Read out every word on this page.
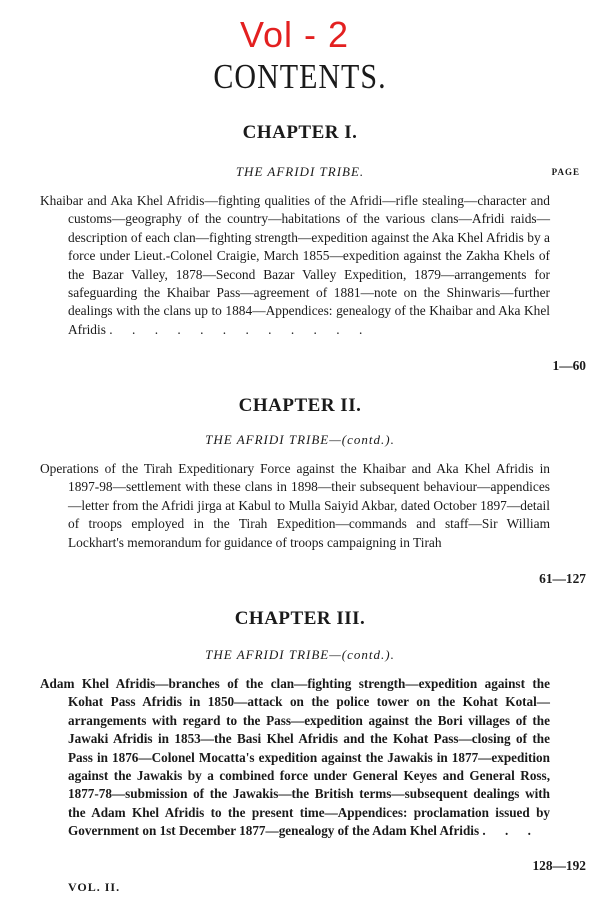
Vol - 2
CONTENTS.
CHAPTER I.
THE AFRIDI TRIBE.	PAGE
Khaibar and Aka Khel Afridis—fighting qualities of the Afridi—rifle stealing—character and customs—geography of the country—habitations of the various clans—Afridi raids—description of each clan—fighting strength—expedition against the Aka Khel Afridis by a force under Lieut.-Colonel Craigie, March 1855—expedition against the Zakha Khels of the Bazar Valley, 1878—Second Bazar Valley Expedition, 1879—arrangements for safeguarding the Khaibar Pass—agreement of 1881—note on the Shinwaris—further dealings with the clans up to 1884—Appendices: genealogy of the Khaibar and Aka Khel Afridis . . . . . . . . . . . .
1—60
CHAPTER II.
THE AFRIDI TRIBE—(contd.).
Operations of the Tirah Expeditionary Force against the Khaibar and Aka Khel Afridis in 1897-98—settlement with these clans in 1898—their subsequent behaviour—appendices—letter from the Afridi jirga at Kabul to Mulla Saiyid Akbar, dated October 1897—detail of troops employed in the Tirah Expedition—commands and staff—Sir William Lockhart's memorandum for guidance of troops campaigning in Tirah
61—127
CHAPTER III.
THE AFRIDI TRIBE—(contd.).
Adam Khel Afridis—branches of the clan—fighting strength—expedition against the Kohat Pass Afridis in 1850—attack on the police tower on the Kohat Kotal—arrangements with regard to the Pass—expedition against the Bori villages of the Jawaki Afridis in 1853—the Basi Khel Afridis and the Kohat Pass—closing of the Pass in 1876—Colonel Mocatta's expedition against the Jawakis in 1877—expedition against the Jawakis by a combined force under General Keyes and General Ross, 1877-78—submission of the Jawakis—the British terms—subsequent dealings with the Adam Khel Afridis to the present time—Appendices: proclamation issued by Government on 1st December 1877—genealogy of the Adam Khel Afridis . . .
128—192
VOL. II.
